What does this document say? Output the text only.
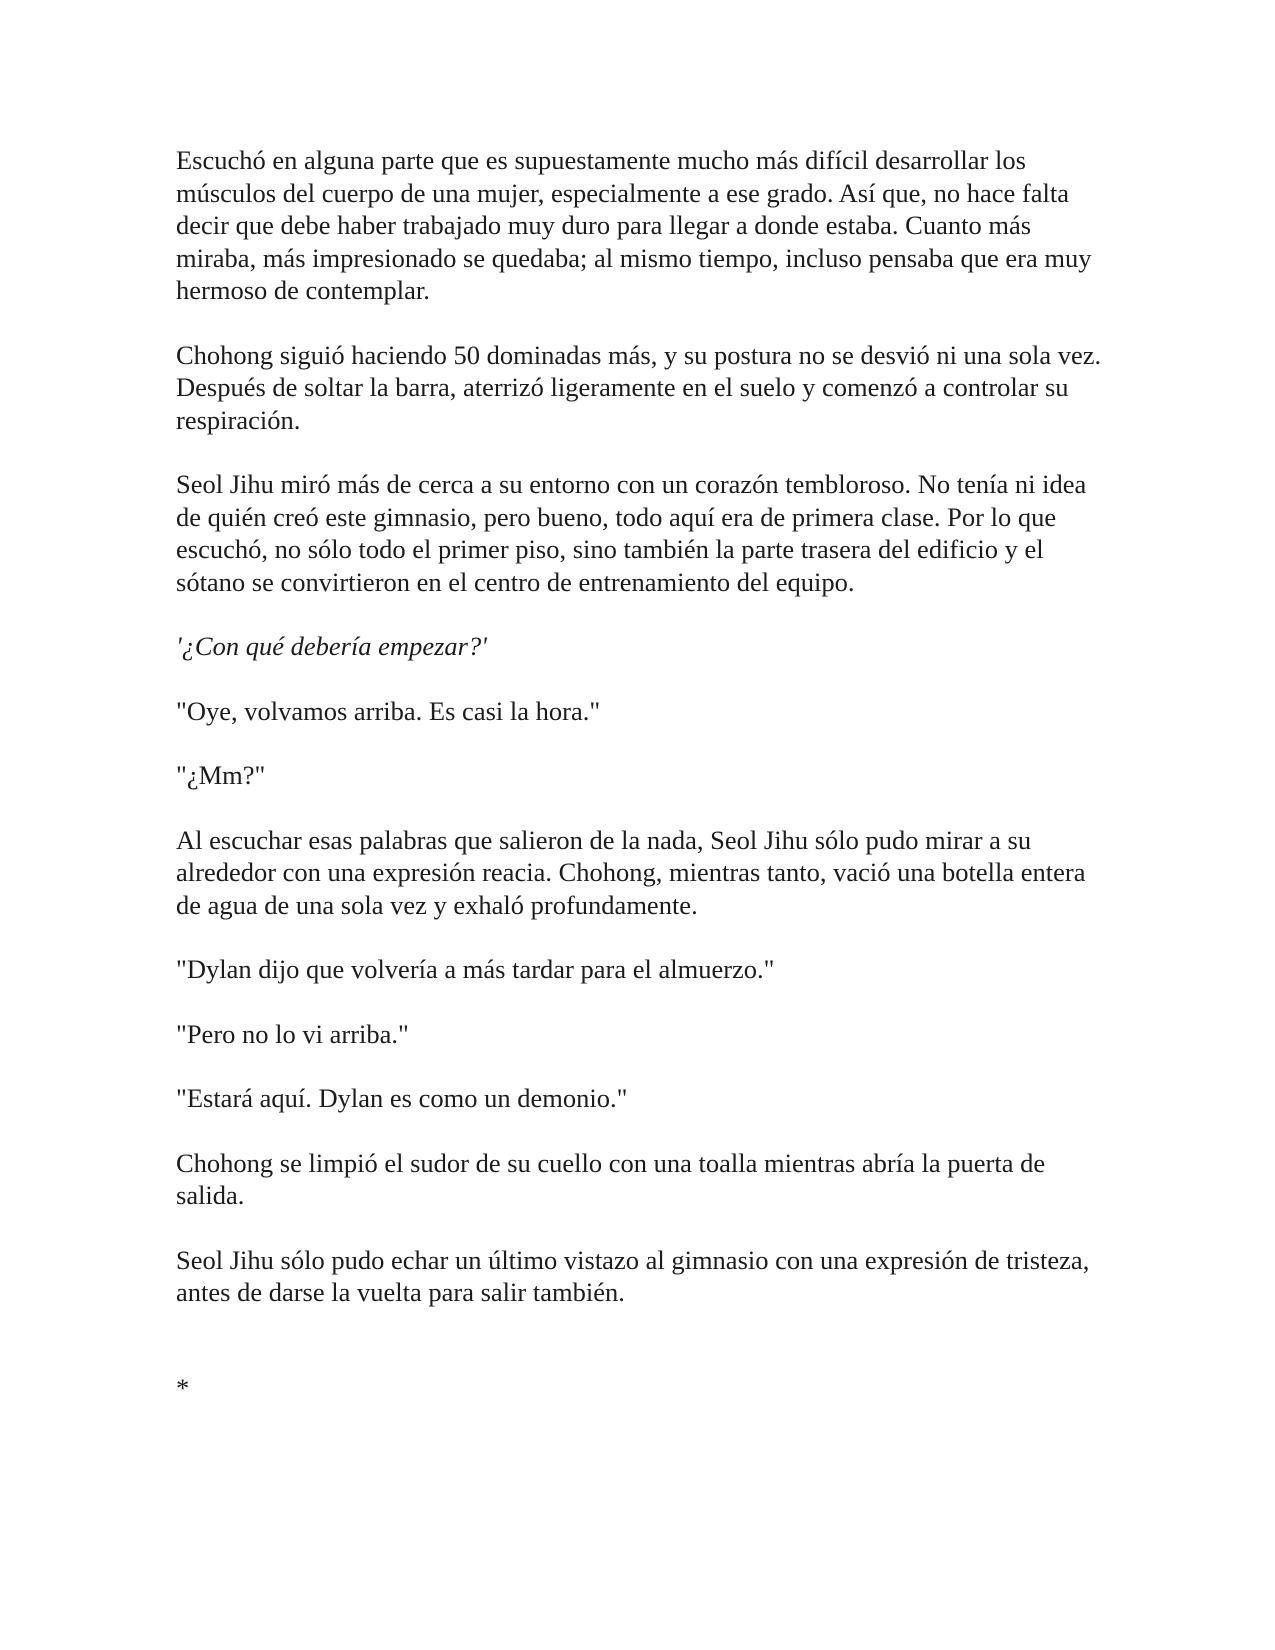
Escuchó en alguna parte que es supuestamente mucho más difícil desarrollar los músculos del cuerpo de una mujer, especialmente a ese grado. Así que, no hace falta decir que debe haber trabajado muy duro para llegar a donde estaba. Cuanto más miraba, más impresionado se quedaba; al mismo tiempo, incluso pensaba que era muy hermoso de contemplar.

Chohong siguió haciendo 50 dominadas más, y su postura no se desvió ni una sola vez. Después de soltar la barra, aterrizó ligeramente en el suelo y comenzó a controlar su respiración.

Seol Jihu miró más de cerca a su entorno con un corazón tembloroso. No tenía ni idea de quién creó este gimnasio, pero bueno, todo aquí era de primera clase. Por lo que escuchó, no sólo todo el primer piso, sino también la parte trasera del edificio y el sótano se convirtieron en el centro de entrenamiento del equipo.

'¿Con qué debería empezar?'

"Oye, volvamos arriba. Es casi la hora."

"¿Mm?"

Al escuchar esas palabras que salieron de la nada, Seol Jihu sólo pudo mirar a su alrededor con una expresión reacia. Chohong, mientras tanto, vació una botella entera de agua de una sola vez y exhaló profundamente.

"Dylan dijo que volvería a más tardar para el almuerzo."

"Pero no lo vi arriba."

"Estará aquí. Dylan es como un demonio."

Chohong se limpió el sudor de su cuello con una toalla mientras abría la puerta de salida.

Seol Jihu sólo pudo echar un último vistazo al gimnasio con una expresión de tristeza, antes de darse la vuelta para salir también.

*
